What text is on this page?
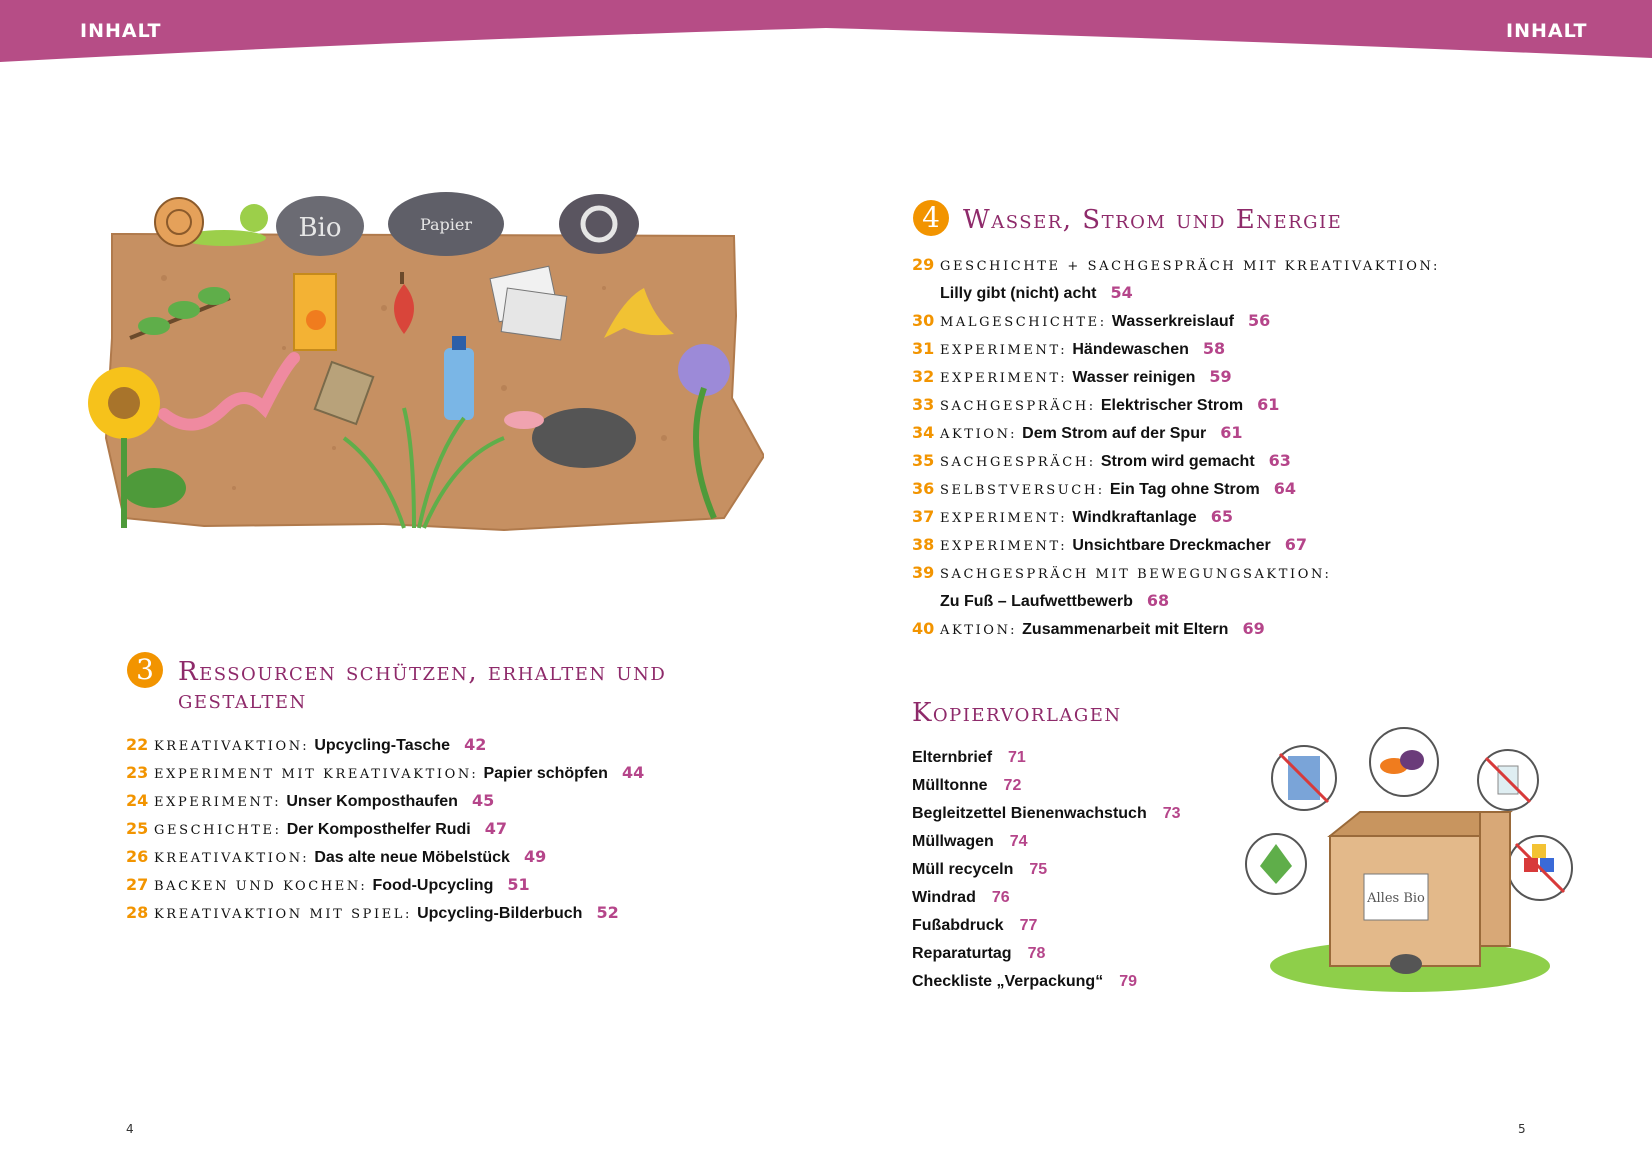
INHALT	INHALT
Bio	Papier
3 Ressourcen schützen, erhalten und
gestalten
22 KREATIVAKTION: Upcycling-Tasche 42
23 EXPERIMENT MIT KREATIVAKTION: Papier schöpfen 44
24 EXPERIMENT: Unser Komposthaufen 45
25 GESCHICHTE: Der Komposthelfer Rudi 47
26 KREATIVAKTION: Das alte neue Möbelstück 49
27 BACKEN UND KOCHEN: Food-Upcycling 51
28 KREATIVAKTION MIT SPIEL: Upcycling-Bilderbuch 52
4 Wasser, Strom und Energie
29 GESCHICHTE + SACHGESPRÄCH MIT KREATIVAKTION:
Lilly gibt (nicht) acht 54
30 MALGESCHICHTE: Wasserkreislauf 56
31 EXPERIMENT: Händewaschen 58
32 EXPERIMENT: Wasser reinigen 59
33 SACHGESPRÄCH: Elektrischer Strom 61
34 AKTION: Dem Strom auf der Spur 61
35 SACHGESPRÄCH: Strom wird gemacht 63
36 SELBSTVERSUCH: Ein Tag ohne Strom 64
37 EXPERIMENT: Windkraftanlage 65
38 EXPERIMENT: Unsichtbare Dreckmacher 67
39 SACHGESPRÄCH MIT BEWEGUNGSAKTION:
Zu Fuß – Laufwettbewerb 68
40 AKTION: Zusammenarbeit mit Eltern 69
Kopiervorlagen
Elternbrief 71
Mülltonne 72
Begleitzettel Bienenwachstuch 73
Müllwagen 74
Müll recyceln 75
Windrad 76
Fußabdruck 77
Reparaturtag 78
Checkliste „Verpackung“ 79
Alles Bio
4	5
